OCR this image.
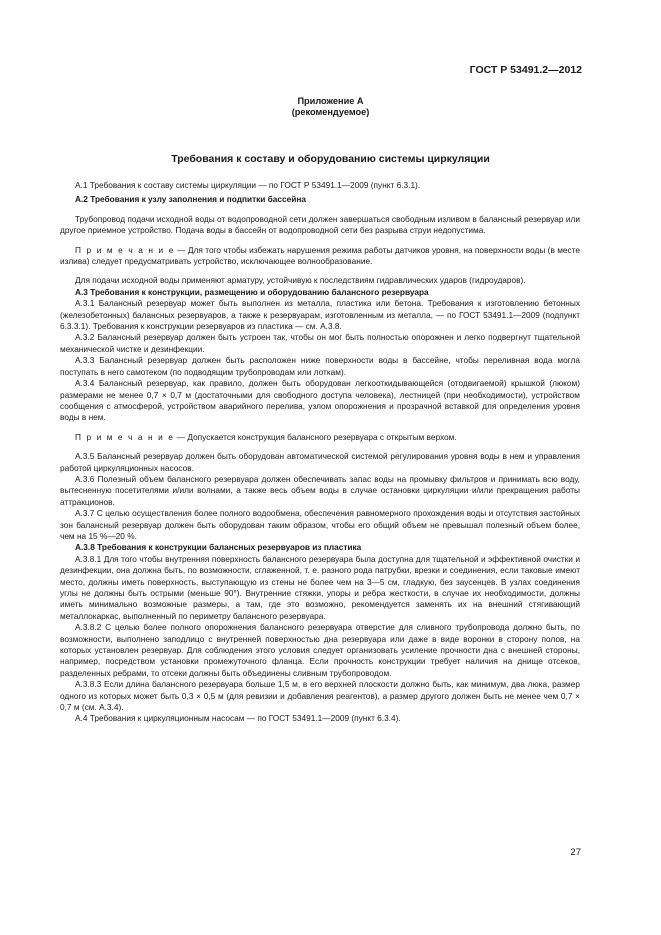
ГОСТ Р 53491.2—2012
Приложение А
(рекомендуемое)
Требования к составу и оборудованию системы циркуляции

А.1 Требования к составу системы циркуляции — по ГОСТ Р 53491.1—2009 (пункт 6.3.1).

А.2 Требования к узлу заполнения и подпитки бассейна

Трубопровод подачи исходной воды от водопроводной сети должен завершаться свободным изливом в балансный резервуар или другое приемное устройство. Подача воды в бассейн от водопроводной сети без разрыва струи недопустима.

П р и м е ч а н и е — Для того чтобы избежать нарушения режима работы датчиков уровня, на поверхности воды (в месте излива) следует предусматривать устройство, исключающее волнообразование.

Для подачи исходной воды применяют арматуру, устойчивую к последствиям гидравлических ударов (гидроударов).

А.3 Требования к конструкции, размещению и оборудованию балансного резервуара

А.3.1 Балансный резервуар может быть выполнен из металла, пластика или бетона. Требования к изготовлению бетонных (железобетонных) балансных резервуаров, а также к резервуарам, изготовленным из металла, — по ГОСТ 53491.1—2009 (подпункт 6.3.3.1). Требования к конструкции резервуаров из пластика — см. А.3.8.

А.3.2 Балансный резервуар должен быть устроен так, чтобы он мог быть полностью опорожнен и легко подвергнут тщательной механической чистке и дезинфекции.

А.3.3 Балансный резервуар должен быть расположен ниже поверхности воды в бассейне, чтобы переливная вода могла поступать в него самотеком (по подводящим трубопроводам или лоткам).

А.3.4 Балансный резервуар, как правило, должен быть оборудован легкооткидывающейся (отодвигаемой) крышкой (люком) размерами не менее 0,7 × 0,7 м (достаточными для свободного доступа человека), лестницей (при необходимости), устройством сообщения с атмосферой, устройством аварийного перелива, узлом опорожнения и прозрачной вставкой для определения уровня воды в нем.

П р и м е ч а н и е — Допускается конструкция балансного резервуара с открытым верхом.

А.3.5 Балансный резервуар должен быть оборудован автоматической системой регулирования уровня воды в нем и управления работой циркуляционных насосов.

А.3.6 Полезный объем балансного резервуара должен обеспечивать запас воды на промывку фильтров и принимать всю воду, вытесненную посетителями и/или волнами, а также весь объем воды в случае остановки циркуляции и/или прекращения работы аттракционов.

А.3.7 С целью осуществления более полного водообмена, обеспечения равномерного прохождения воды и отсутствия застойных зон балансный резервуар должен быть оборудован таким образом, чтобы его общий объем не превышал полезный объем более, чем на 15 %—20 %.

А.3.8 Требования к конструкции балансных резервуаров из пластика

А.3.8.1 Для того чтобы внутренняя поверхность балансного резервуара была доступна для тщательной и эффективной очистки и дезинфекции, она должна быть, по возможности, сглаженной, т. е. разного рода патрубки, врезки и соединения, если таковые имеют место, должны иметь поверхность, выступающую из стены не более чем на 3—5 см, гладкую, без заусенцев. В узлах соединения углы не должны быть острыми (меньше 90°). Внутренние стяжки, упоры и ребра жесткости, в случае их необходимости, должны иметь минимально возможные размеры, а там, где это возможно, рекомендуется заменять их на внешний стягивающий металлокаркас, выполненный по периметру балансного резервуара.

А.3.8.2 С целью более полного опорожнения балансного резервуара отверстие для сливного трубопровода должно быть, по возможности, выполнено заподлицо с внутренней поверхностью дна резервуара или даже в виде воронки в сторону полов, на которых установлен резервуар. Для соблюдения этого условия следует организовать усиление прочности дна с внешней стороны, например, посредством установки промежуточного фланца. Если прочность конструкции требует наличия на днище отсеков, разделенных ребрами, то отсеки должны быть объединены сливным трубопроводом.

А.3.8.3 Если длина балансного резервуара больше 1,5 м, в его верхней плоскости должно быть, как минимум, два люка, размер одного из которых может быть 0,3 × 0,5 м (для ревизии и добавления реагентов), а размер другого должен быть не менее чем 0,7 × 0,7 м (см. А.3.4).

А.4 Требования к циркуляционным насосам — по ГОСТ 53491.1—2009 (пункт 6.3.4).

27
